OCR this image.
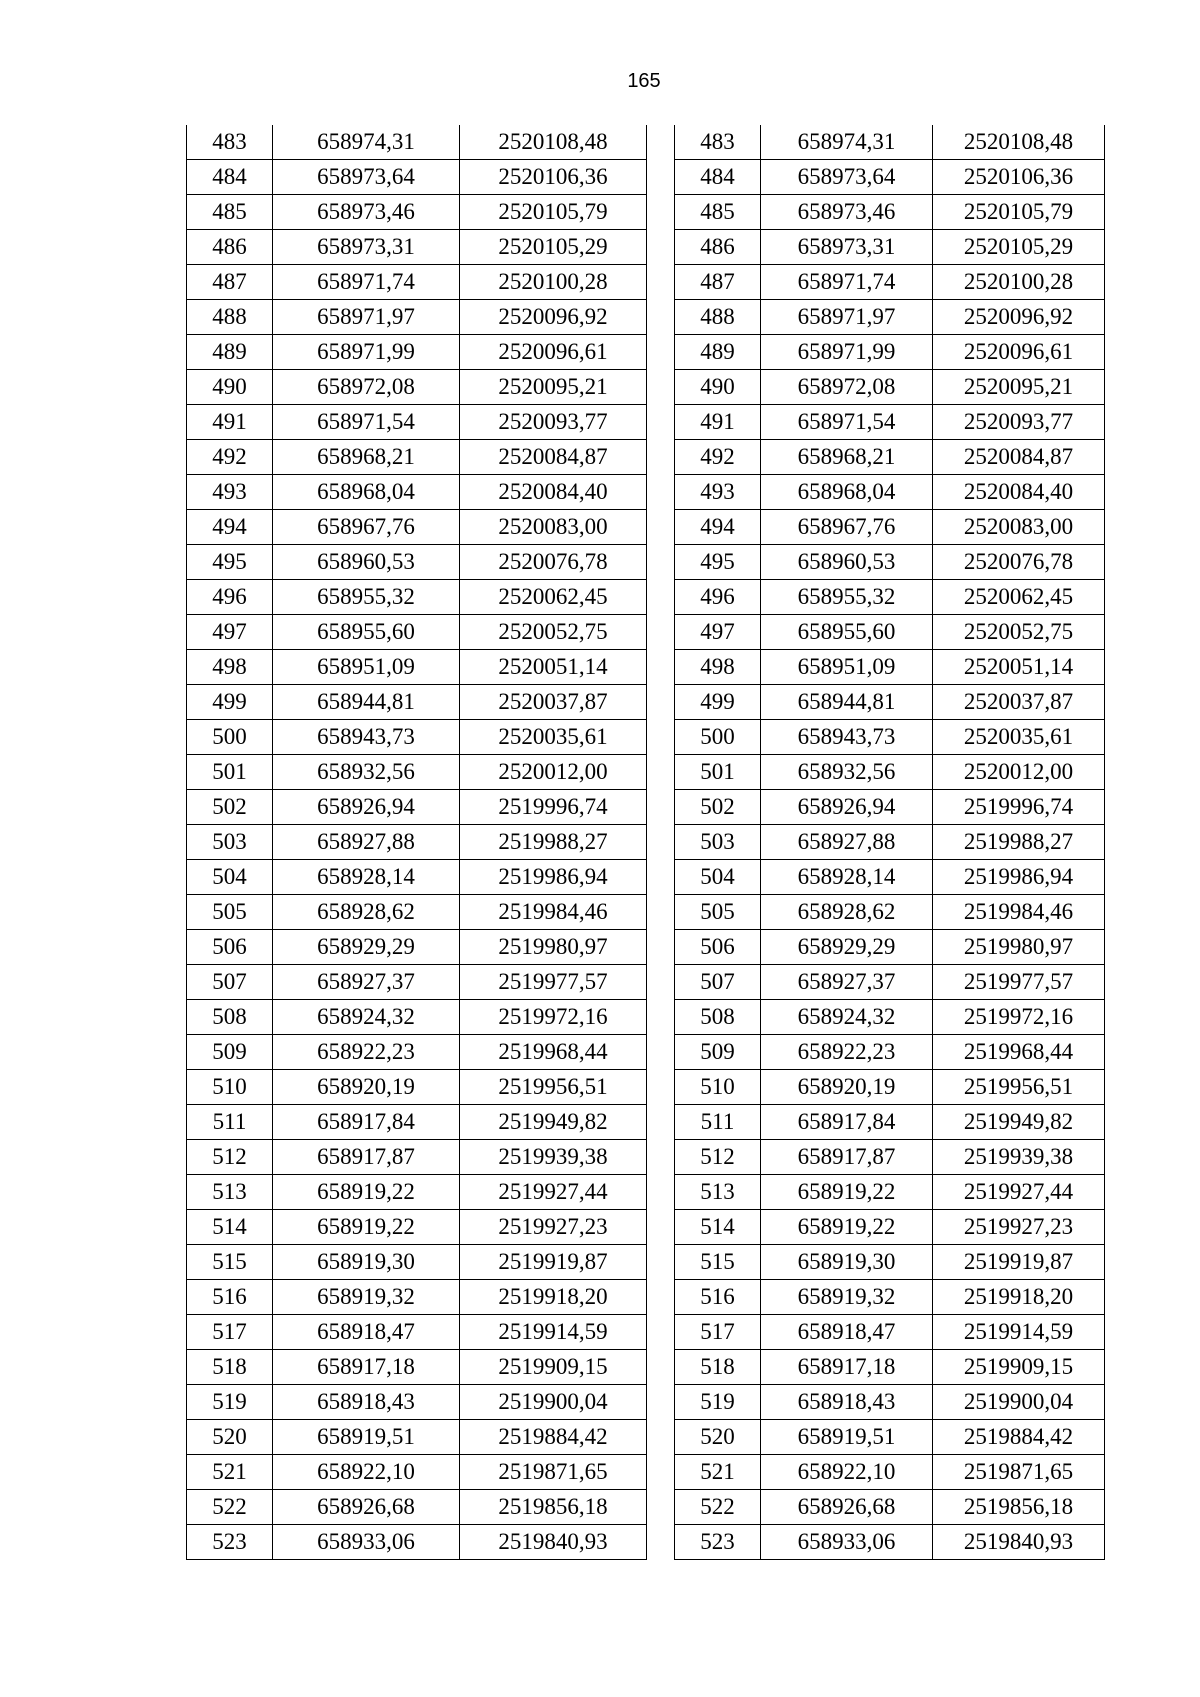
165
483	658974,31	2520108,48
484	658973,64	2520106,36
485	658973,46	2520105,79
486	658973,31	2520105,29
487	658971,74	2520100,28
488	658971,97	2520096,92
489	658971,99	2520096,61
490	658972,08	2520095,21
491	658971,54	2520093,77
492	658968,21	2520084,87
493	658968,04	2520084,40
494	658967,76	2520083,00
495	658960,53	2520076,78
496	658955,32	2520062,45
497	658955,60	2520052,75
498	658951,09	2520051,14
499	658944,81	2520037,87
500	658943,73	2520035,61
501	658932,56	2520012,00
502	658926,94	2519996,74
503	658927,88	2519988,27
504	658928,14	2519986,94
505	658928,62	2519984,46
506	658929,29	2519980,97
507	658927,37	2519977,57
508	658924,32	2519972,16
509	658922,23	2519968,44
510	658920,19	2519956,51
511	658917,84	2519949,82
512	658917,87	2519939,38
513	658919,22	2519927,44
514	658919,22	2519927,23
515	658919,30	2519919,87
516	658919,32	2519918,20
517	658918,47	2519914,59
518	658917,18	2519909,15
519	658918,43	2519900,04
520	658919,51	2519884,42
521	658922,10	2519871,65
522	658926,68	2519856,18
523	658933,06	2519840,93
483	658974,31	2520108,48
484	658973,64	2520106,36
485	658973,46	2520105,79
486	658973,31	2520105,29
487	658971,74	2520100,28
488	658971,97	2520096,92
489	658971,99	2520096,61
490	658972,08	2520095,21
491	658971,54	2520093,77
492	658968,21	2520084,87
493	658968,04	2520084,40
494	658967,76	2520083,00
495	658960,53	2520076,78
496	658955,32	2520062,45
497	658955,60	2520052,75
498	658951,09	2520051,14
499	658944,81	2520037,87
500	658943,73	2520035,61
501	658932,56	2520012,00
502	658926,94	2519996,74
503	658927,88	2519988,27
504	658928,14	2519986,94
505	658928,62	2519984,46
506	658929,29	2519980,97
507	658927,37	2519977,57
508	658924,32	2519972,16
509	658922,23	2519968,44
510	658920,19	2519956,51
511	658917,84	2519949,82
512	658917,87	2519939,38
513	658919,22	2519927,44
514	658919,22	2519927,23
515	658919,30	2519919,87
516	658919,32	2519918,20
517	658918,47	2519914,59
518	658917,18	2519909,15
519	658918,43	2519900,04
520	658919,51	2519884,42
521	658922,10	2519871,65
522	658926,68	2519856,18
523	658933,06	2519840,93
